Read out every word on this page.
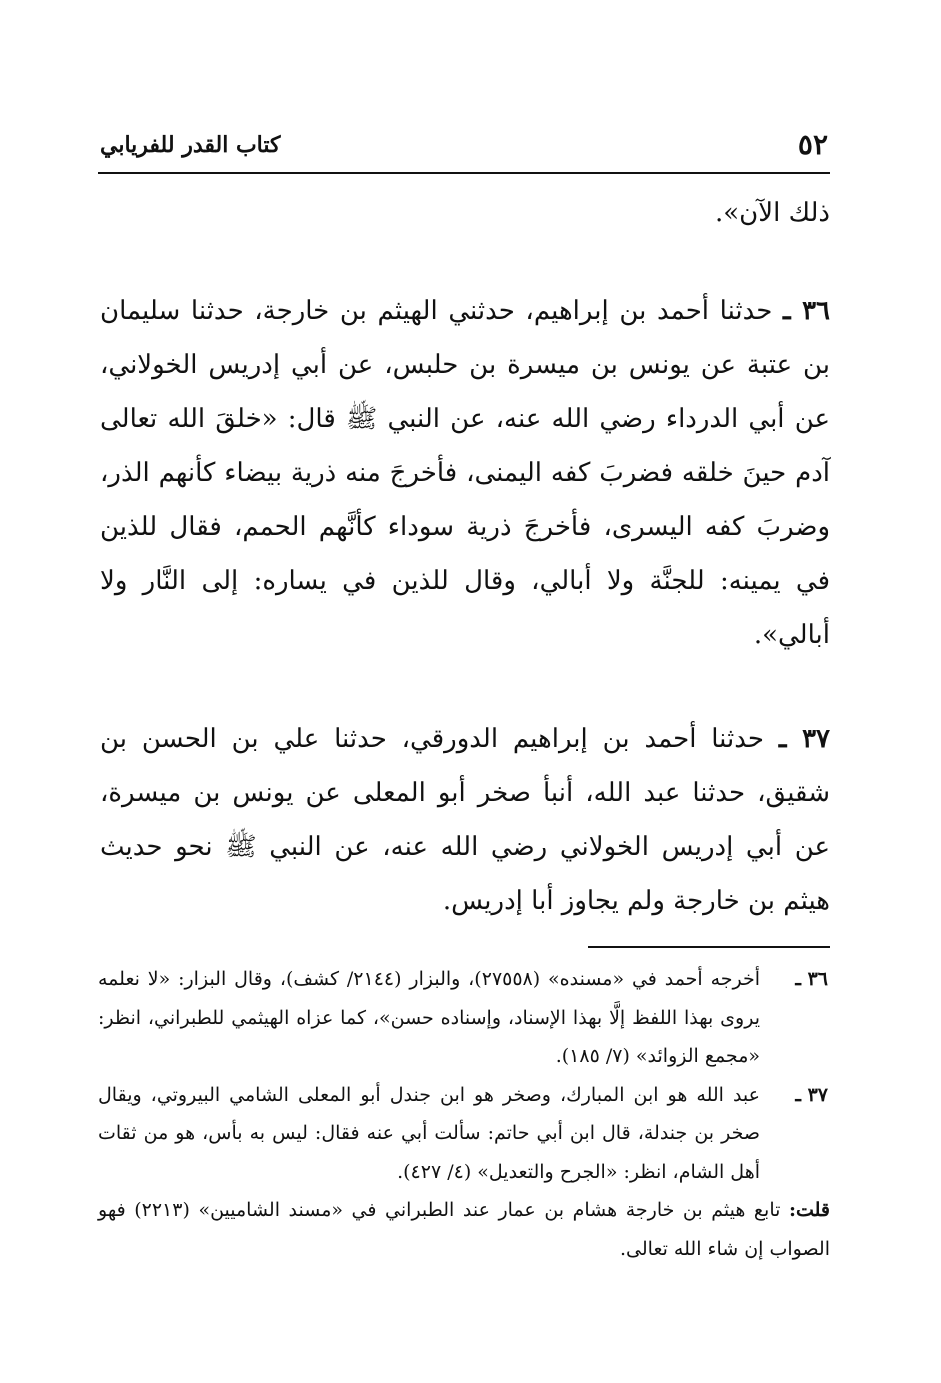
٥٢
كتاب القدر للفريابي

ذلك الآن».

٣٦ ـ حدثنا أحمد بن إبراهيم، حدثني الهيثم بن خارجة، حدثنا سليمان بن عتبة عن يونس بن ميسرة بن حلبس، عن أبي إدريس الخولاني، عن أبي الدرداء رضي الله عنه، عن النبي ﷺ قال: «خلقَ الله تعالى آدم حينَ خلقه فضربَ كفه اليمنى، فأخرجَ منه ذرية بيضاء كأنهم الذر، وضربَ كفه اليسرى، فأخرجَ ذرية سوداء كأنَّهم الحمم، فقال للذين في يمينه: للجنَّة ولا أبالي، وقال للذين في يساره: إلى النَّار ولا أبالي».

٣٧ ـ حدثنا أحمد بن إبراهيم الدورقي، حدثنا علي بن الحسن بن شقيق، حدثنا عبد الله، أنبأ صخر أبو المعلى عن يونس بن ميسرة، عن أبي إدريس الخولاني رضي الله عنه، عن النبي ﷺ نحو حديث هيثم بن خارجة ولم يجاوز أبا إدريس.

٣٦ ـ
أخرجه أحمد في «مسنده» (٢٧٥٥٨)، والبزار (٢١٤٤/ كشف)، وقال البزار: «لا نعلمه يروى بهذا اللفظ إلَّا بهذا الإسناد، وإسناده حسن»، كما عزاه الهيثمي للطبراني، انظر: «مجمع الزوائد» (٧/ ١٨٥).
٣٧ ـ
عبد الله هو ابن المبارك، وصخر هو ابن جندل أبو المعلى الشامي البيروتي، ويقال صخر بن جندلة، قال ابن أبي حاتم: سألت أبي عنه فقال: ليس به بأس، هو من ثقات أهل الشام، انظر: «الجرح والتعديل» (٤/ ٤٢٧).
قلت: تابع هيثم بن خارجة هشام بن عمار عند الطبراني في «مسند الشاميين» (٢٢١٣) فهو الصواب إن شاء الله تعالى.
